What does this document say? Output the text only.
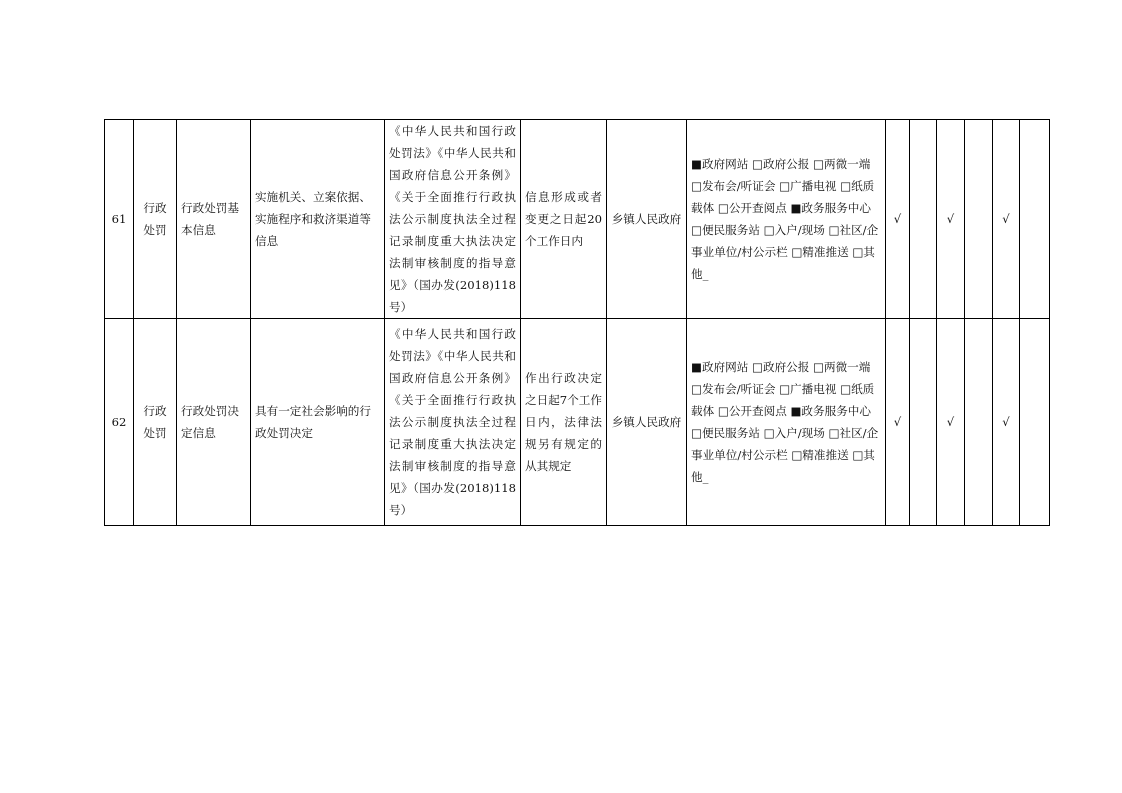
61	行政处罚	行政处罚基本信息	实施机关、立案依据、实施程序和救济渠道等信息	《中华人民共和国行政处罚法》《中华人民共和国政府信息公开条例》《关于全面推行行政执法公示制度执法全过程记录制度重大执法决定法制审核制度的指导意见》（国办发(2018)118号）	信息形成或者变更之日起20个工作日内	乡镇人民政府	■政府网站 □政府公报 □两微一端 □发布会/听证会 □广播电视 □纸质载体 □公开查阅点 ■政务服务中心 □便民服务站 □入户/现场 □社区/企事业单位/村公示栏 □精准推送 □其他_	√		√		√	
62	行政处罚	行政处罚决定信息	具有一定社会影响的行政处罚决定	《中华人民共和国行政处罚法》《中华人民共和国政府信息公开条例》《关于全面推行行政执法公示制度执法全过程记录制度重大执法决定法制审核制度的指导意见》（国办发(2018)118号）	作出行政决定之日起7个工作日内，法律法规另有规定的从其规定	乡镇人民政府	■政府网站 □政府公报 □两微一端 □发布会/听证会 □广播电视 □纸质载体 □公开查阅点 ■政务服务中心 □便民服务站 □入户/现场 □社区/企事业单位/村公示栏 □精准推送 □其他_	√		√		√	
